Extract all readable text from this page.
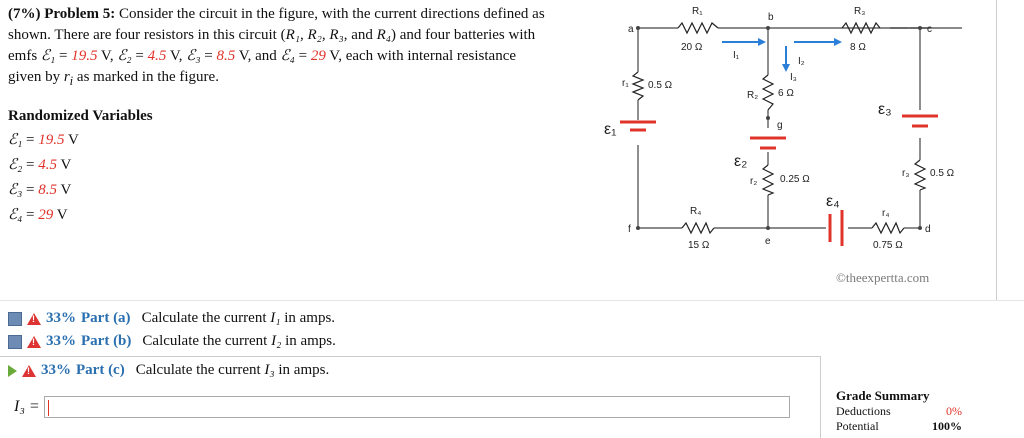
(7%) Problem 5: Consider the circuit in the figure, with the current directions defined as shown. There are four resistors in this circuit (R₁, R₂, R₃, and R₄) and four batteries with emfs ℰ₁ = 19.5 V, ℰ₂ = 4.5 V, ℰ₃ = 8.5 V, and ℰ₄ = 29 V, each with internal resistance given by $r_i$ as marked in the figure.
Randomized Variables
ℰ₁ = 19.5 V
ℰ₂ = 4.5 V
ℰ₃ = 8.5 V
ℰ₄ = 29 V
a
b
c
d
e
f
g
R₁
20 Ω
R₃
8 Ω
R₂ 6 Ω
R₄
15 Ω
r₁ 0.5 Ω
r₂ 0.25 Ω
r₃ 0.5 Ω
r₄
0.75 Ω
I₁
I₂
I₃
ε₁
ε₂
ε₃
ε₄
©theexpertta.com
!
33% Part (a) Calculate the current I₁ in amps.
!
33% Part (b) Calculate the current I₂ in amps.
!
33% Part (c) Calculate the current I₃ in amps.
I₃ =
Grade Summary
Deductions	0%
Potential	100%
